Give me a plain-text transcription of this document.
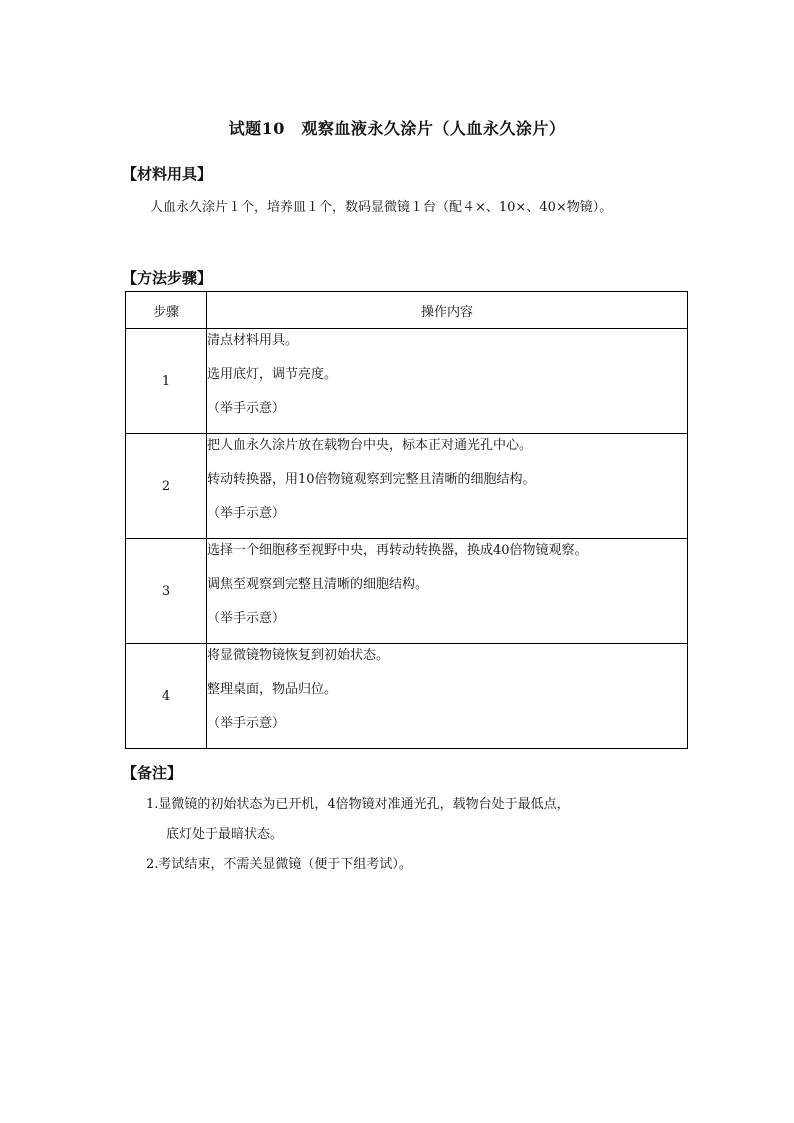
试题10　观察血液永久涂片（人血永久涂片）
【材料用具】
人血永久涂片１个，培养皿１个，数码显微镜１台（配４×、10×、40×物镜）。
【方法步骤】
步骤	操作内容
1	清点材料用具。
选用底灯，调节亮度。
（举手示意）

2	把人血永久涂片放在载物台中央，标本正对通光孔中心。
转动转换器，用10倍物镜观察到完整且清晰的细胞结构。
（举手示意）

3	选择一个细胞移至视野中央，再转动转换器，换成40倍物镜观察。
调焦至观察到完整且清晰的细胞结构。
（举手示意）

4	将显微镜物镜恢复到初始状态。
整理桌面，物品归位。
（举手示意）
【备注】
1.显微镜的初始状态为已开机，4倍物镜对准通光孔，载物台处于最低点，
底灯处于最暗状态。
2.考试结束，不需关显微镜（便于下组考试）。
